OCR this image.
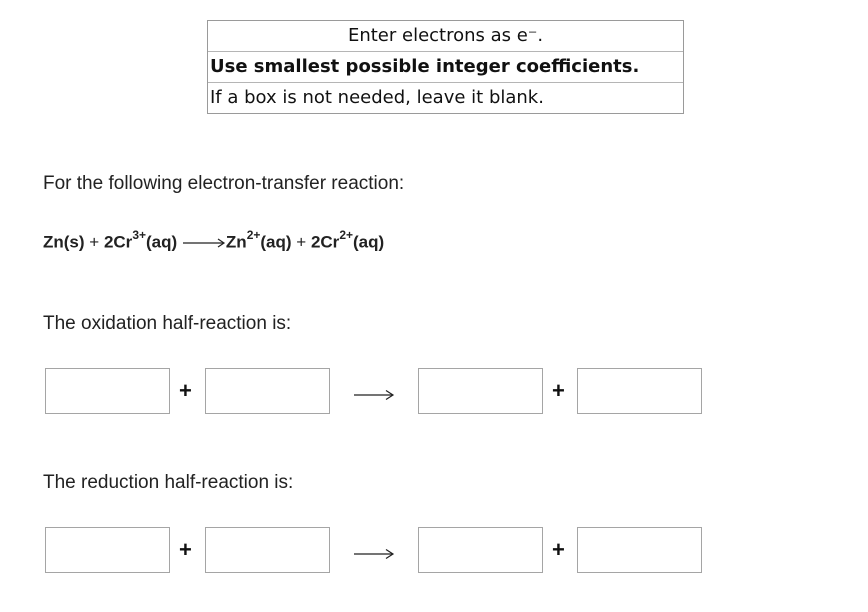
Enter electrons as e⁻.
Use smallest possible integer coefficients.
If a box is not needed, leave it blank.
For the following electron-transfer reaction:
$Zn(s) + 2Cr^{3+}(aq) \to Zn^{2+}(aq) + 2Cr^{2+}(aq)$
The oxidation half-reaction is:
+	+
The reduction half-reaction is:
+	+
